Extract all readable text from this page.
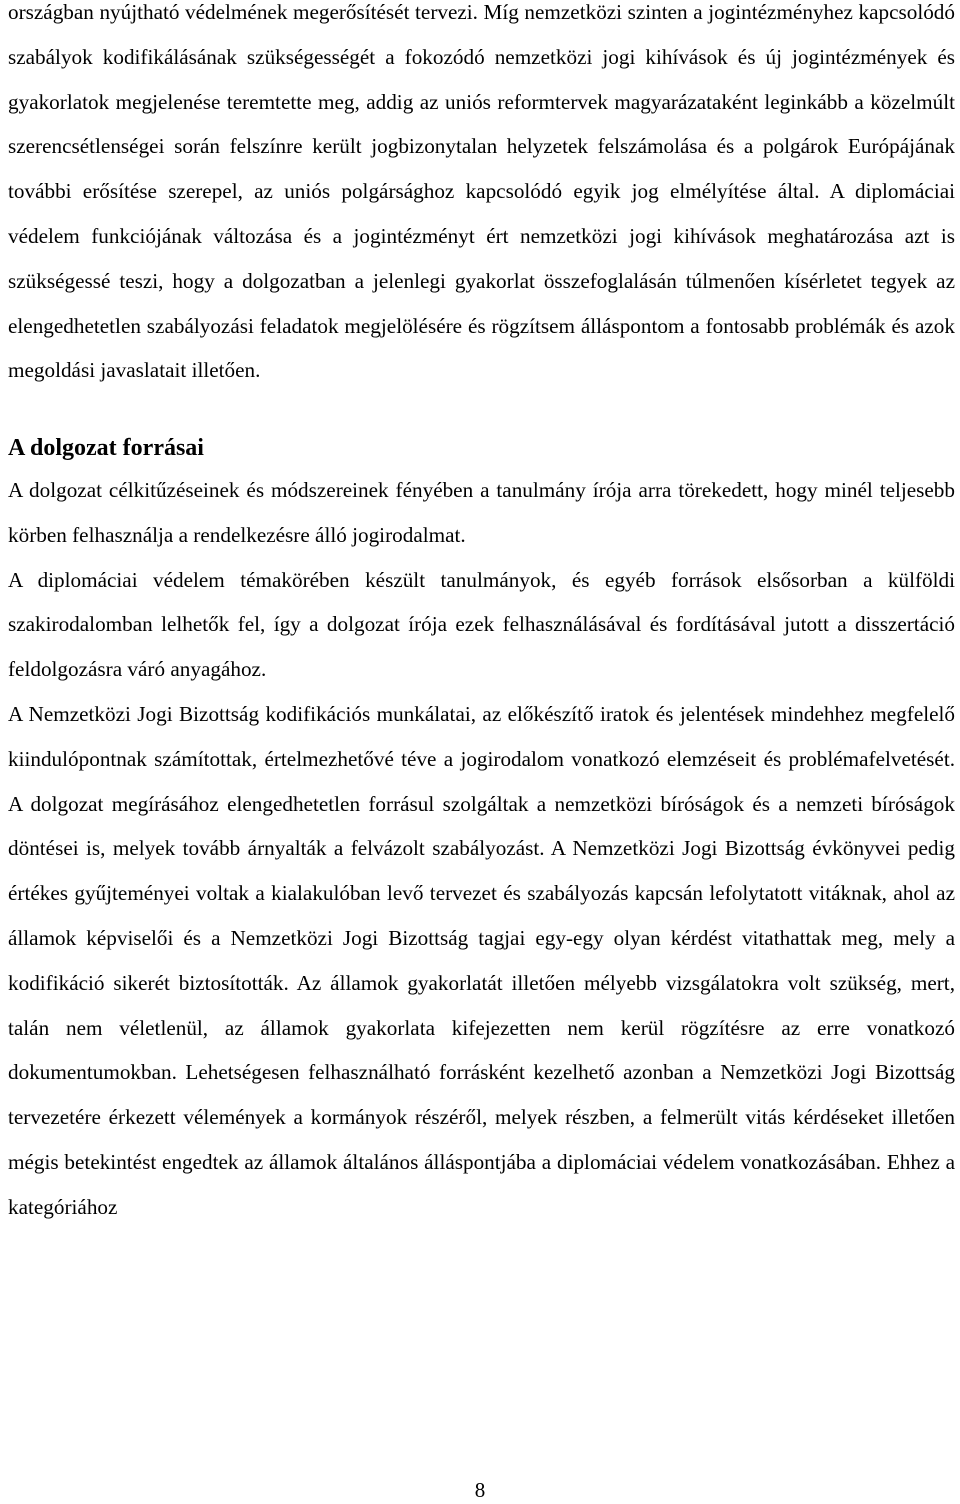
országban nyújtható védelmének megerősítését tervezi. Míg nemzetközi szinten a jogintézményhez kapcsolódó szabályok kodifikálásának szükségességét a fokozódó nemzetközi jogi kihívások és új jogintézmények és gyakorlatok megjelenése teremtette meg, addig az uniós reformtervek magyarázataként leginkább a közelmúlt szerencsétlenségei során felszínre került jogbizonytalan helyzetek felszámolása és a polgárok Európájának további erősítése szerepel, az uniós polgársághoz kapcsolódó egyik jog elmélyítése által. A diplomáciai védelem funkciójának változása és a jogintézményt ért nemzetközi jogi kihívások meghatározása azt is szükségessé teszi, hogy a dolgozatban a jelenlegi gyakorlat összefoglalásán túlmenően kísérletet tegyek az elengedhetetlen szabályozási feladatok megjelölésére és rögzítsem álláspontom a fontosabb problémák és azok megoldási javaslatait illetően.

A dolgozat forrásai

A dolgozat célkitűzéseinek és módszereinek fényében a tanulmány írója arra törekedett, hogy minél teljesebb körben felhasználja a rendelkezésre álló jogirodalmat.

A diplomáciai védelem témakörében készült tanulmányok, és egyéb források elsősorban a külföldi szakirodalomban lelhetők fel, így a dolgozat írója ezek felhasználásával és fordításával jutott a disszertáció feldolgozásra váró anyagához.

A Nemzetközi Jogi Bizottság kodifikációs munkálatai, az előkészítő iratok és jelentések mindehhez megfelelő kiindulópontnak számítottak, értelmezhetővé téve a jogirodalom vonatkozó elemzéseit és problémafelvetését. A dolgozat megírásához elengedhetetlen forrásul szolgáltak a nemzetközi bíróságok és a nemzeti bíróságok döntései is, melyek tovább árnyalták a felvázolt szabályozást. A Nemzetközi Jogi Bizottság évkönyvei pedig értékes gyűjteményei voltak a kialakulóban levő tervezet és szabályozás kapcsán lefolytatott vitáknak, ahol az államok képviselői és a Nemzetközi Jogi Bizottság tagjai egy-egy olyan kérdést vitathattak meg, mely a kodifikáció sikerét biztosították. Az államok gyakorlatát illetően mélyebb vizsgálatokra volt szükség, mert, talán nem véletlenül, az államok gyakorlata kifejezetten nem kerül rögzítésre az erre vonatkozó dokumentumokban. Lehetségesen felhasználható forrásként kezelhető azonban a Nemzetközi Jogi Bizottság tervezetére érkezett vélemények a kormányok részéről, melyek részben, a felmerült vitás kérdéseket illetően mégis betekintést engedtek az államok általános álláspontjába a diplomáciai védelem vonatkozásában. Ehhez a kategóriához

8
